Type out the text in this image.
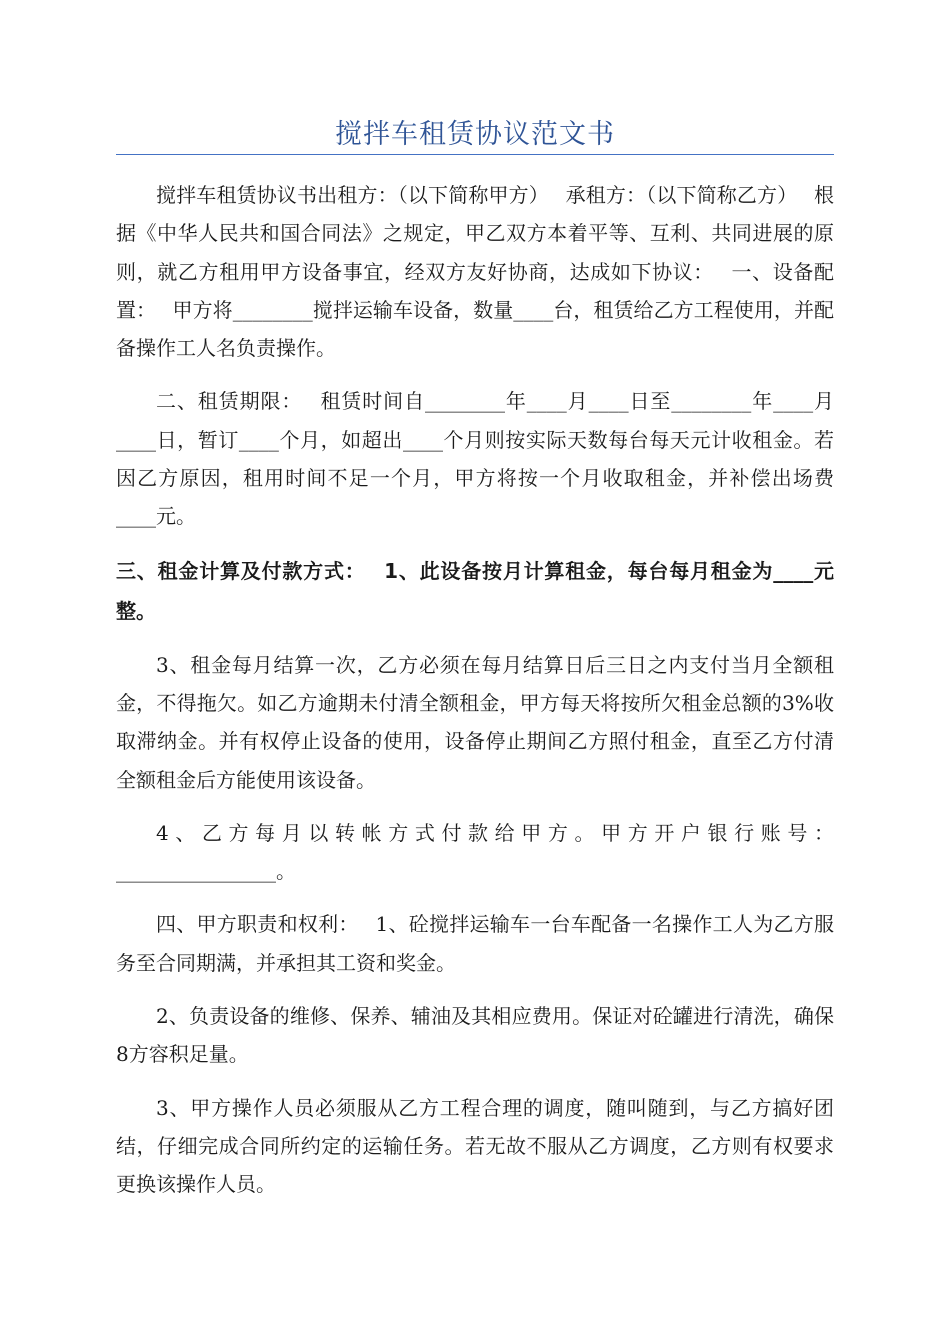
搅拌车租赁协议范文书

搅拌车租赁协议书出租方：（以下简称甲方）　 承租方：（以下简称乙方）　 根据《中华人民共和国合同法》之规定，甲乙双方本着平等、互利、共同进展的原则，就乙方租用甲方设备事宜，经双方友好协商，达成如下协议：　 一、设备配置：　 甲方将________搅拌运输车设备，数量____台，租赁给乙方工程使用，并配备操作工人名负责操作。

二、租赁期限：　 租赁时间自________年____月____日至________年____月____日，暂订____个月，如超出____个月则按实际天数每台每天元计收租金。若因乙方原因，租用时间不足一个月，甲方将按一个月收取租金，并补偿出场费____元。

三、租金计算及付款方式：　 1、此设备按月计算租金，每台每月租金为____元整。

3、租金每月结算一次，乙方必须在每月结算日后三日之内支付当月全额租金，不得拖欠。如乙方逾期未付清全额租金，甲方每天将按所欠租金总额的3%收取滞纳金。并有权停止设备的使用，设备停止期间乙方照付租金，直至乙方付清全额租金后方能使用该设备。

4、乙方每月以转帐方式付款给甲方。甲方开户银行账号：________________。

四、甲方职责和权利：　 1、砼搅拌运输车一台车配备一名操作工人为乙方服务至合同期满，并承担其工资和奖金。

2、负责设备的维修、保养、辅油及其相应费用。保证对砼罐进行清洗，确保8方容积足量。

3、甲方操作人员必须服从乙方工程合理的调度，随叫随到，与乙方搞好团结，仔细完成合同所约定的运输任务。若无故不服从乙方调度，乙方则有权要求更换该操作人员。
